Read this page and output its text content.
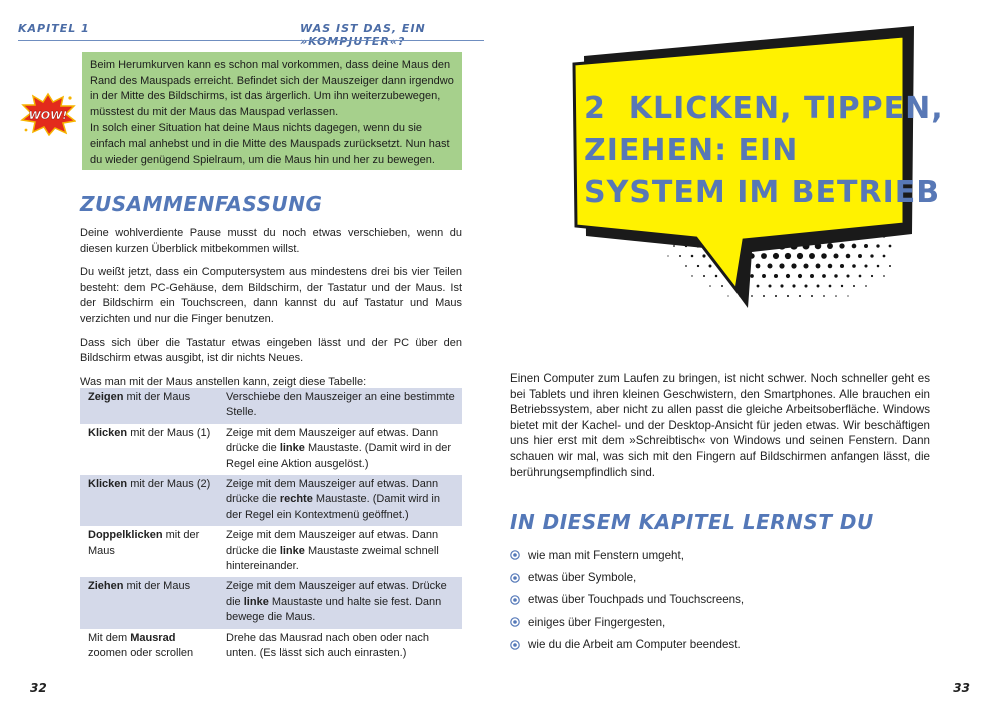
KAPITEL 1	WAS IST DAS, EIN »KOMPJUTER«?
WOW!

Beim Herumkurven kann es schon mal vorkommen, dass deine Maus den Rand des Mauspads erreicht. Befindet sich der Mauszeiger dann irgendwo in der Mitte des Bildschirms, ist das ärgerlich. Um ihn weiterzubewegen, müsstest du mit der Maus das Mauspad verlassen.

In solch einer Situation hat deine Maus nichts dagegen, wenn du sie einfach mal anhebst und in die Mitte des Mauspads zurücksetzt. Nun hast du wieder genügend Spielraum, um die Maus hin und her zu bewegen.

ZUSAMMENFASSUNG

Deine wohlverdiente Pause musst du noch etwas verschieben, wenn du diesen kurzen Überblick mitbekommen willst.

Du weißt jetzt, dass ein Computersystem aus mindestens drei bis vier Teilen besteht: dem PC-Gehäuse, dem Bildschirm, der Tastatur und der Maus. Ist der Bildschirm ein Touchscreen, dann kannst du auf Tastatur und Maus verzichten und nur die Finger benutzen.

Dass sich über die Tastatur etwas eingeben lässt und der PC über den Bildschirm etwas ausgibt, ist dir nichts Neues.

Was man mit der Maus anstellen kann, zeigt diese Tabelle:

Zeigen mit der Maus	Verschiebe den Mauszeiger an eine bestimmte Stelle.
Klicken mit der Maus (1)	Zeige mit dem Mauszeiger auf etwas. Dann drücke die linke Maustaste. (Damit wird in der Regel eine Aktion ausgelöst.)
Klicken mit der Maus (2)	Zeige mit dem Mauszeiger auf etwas. Dann drücke die rechte Maustaste. (Damit wird in der Regel ein Kontextmenü geöffnet.)
Doppelklicken mit der Maus	Zeige mit dem Mauszeiger auf etwas. Dann drücke die linke Maustaste zweimal schnell hintereinander.
Ziehen mit der Maus	Zeige mit dem Mauszeiger auf etwas. Drücke die linke Maustaste und halte sie fest. Dann bewege die Maus.
Mit dem Mausrad zoomen oder scrollen	Drehe das Mausrad nach oben oder nach unten. (Es lässt sich auch einrasten.)
32
2 KLICKEN, TIPPEN, ZIEHEN: EIN SYSTEM IM BETRIEB

Einen Computer zum Laufen zu bringen, ist nicht schwer. Noch schneller geht es bei Tablets und ihren kleinen Geschwistern, den Smartphones. Alle brauchen ein Betriebssystem, aber nicht zu allen passt die gleiche Arbeitsoberfläche. Windows bietet mit der Kachel- und der Desktop-Ansicht für jeden etwas. Wir beschäftigen uns hier erst mit dem »Schreibtisch« von Windows und seinen Fenstern. Dann schauen wir mal, was sich mit den Fingern auf Bildschirmen anfangen lässt, die berührungsempfindlich sind.

IN DIESEM KAPITEL LERNST DU
wie man mit Fenstern umgeht,
etwas über Symbole,
etwas über Touchpads und Touchscreens,
einiges über Fingergesten,
wie du die Arbeit am Computer beendest.
33
